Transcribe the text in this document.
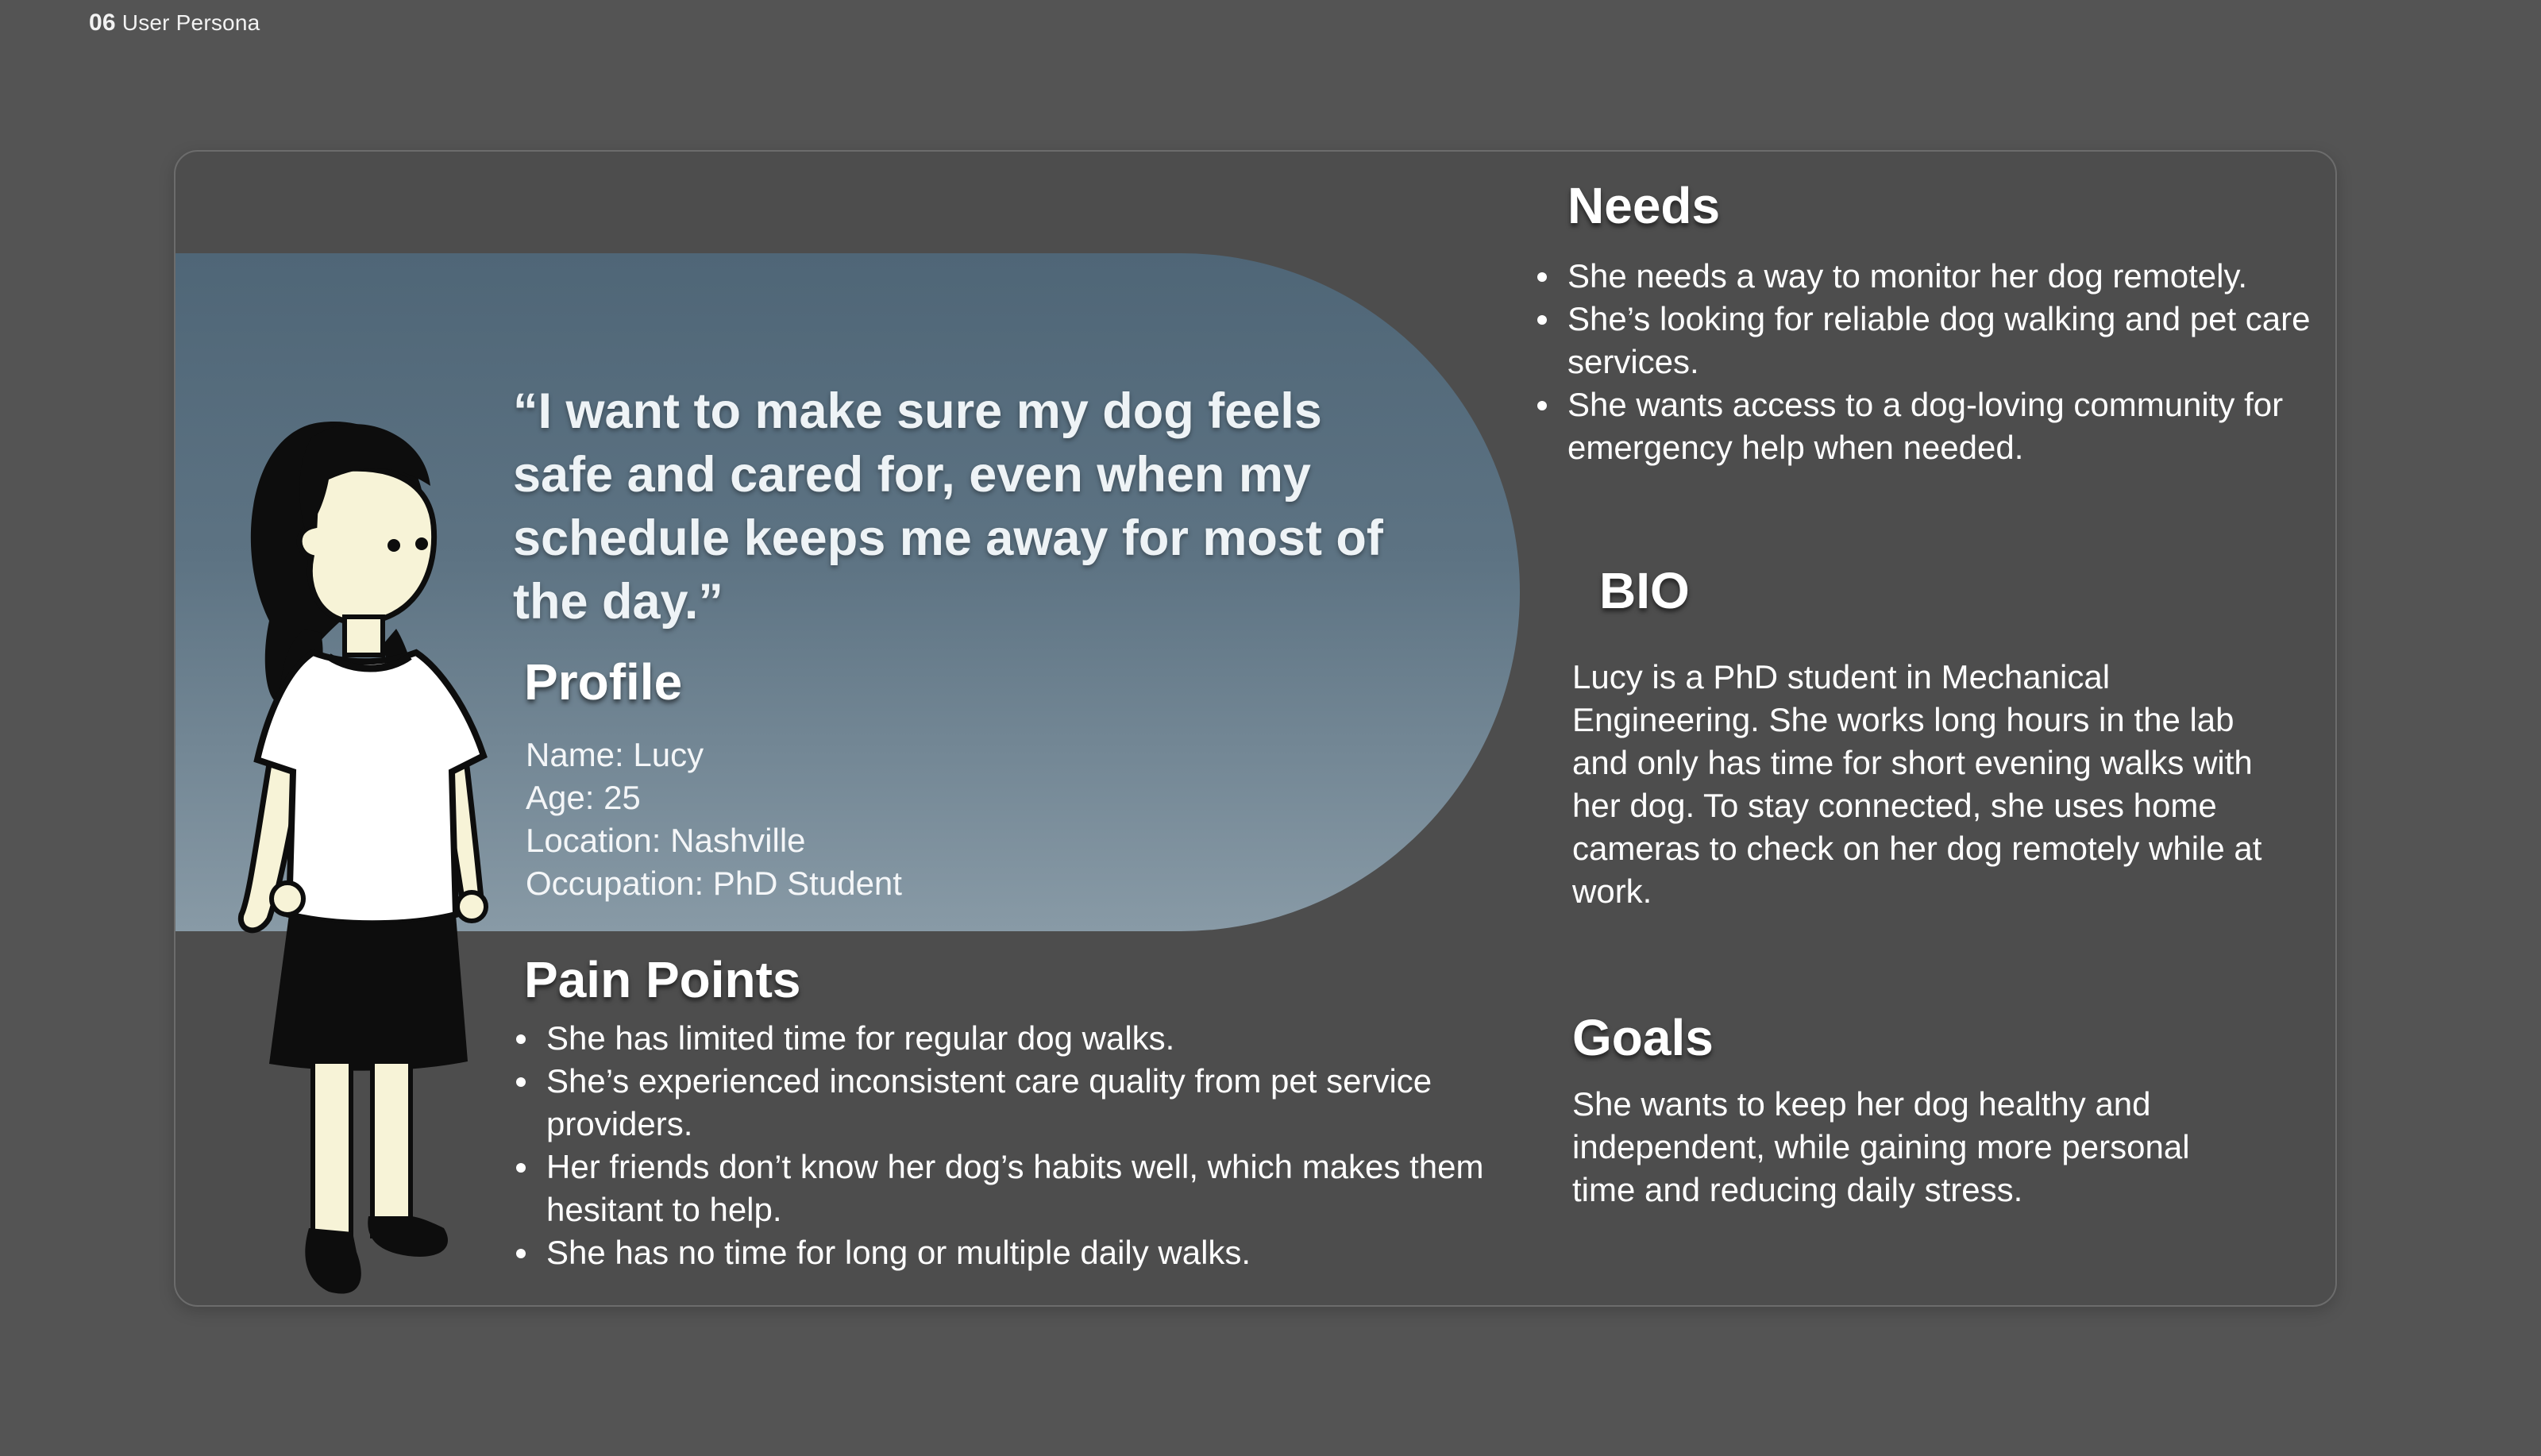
06 User Persona
“I want to make sure my dog feels safe and cared for, even when my schedule keeps me away for most of the day.”
Profile
Name: Lucy
Age: 25
Location: Nashville
Occupation: PhD Student
Pain Points
She has limited time for regular dog walks.
She’s experienced inconsistent care quality from pet service providers.
Her friends don’t know her dog’s habits well, which makes them hesitant to help.
She has no time for long or multiple daily walks.
Needs
She needs a way to monitor her dog remotely.
She’s looking for reliable dog walking and pet care services.
She wants access to a dog-loving community for emergency help when needed.
BIO

Lucy is a PhD student in Mechanical Engineering. She works long hours in the lab and only has time for short evening walks with her dog. To stay connected, she uses home cameras to check on her dog remotely while at work.

Goals

She wants to keep her dog healthy and independent, while gaining more personal time and reducing daily stress.
